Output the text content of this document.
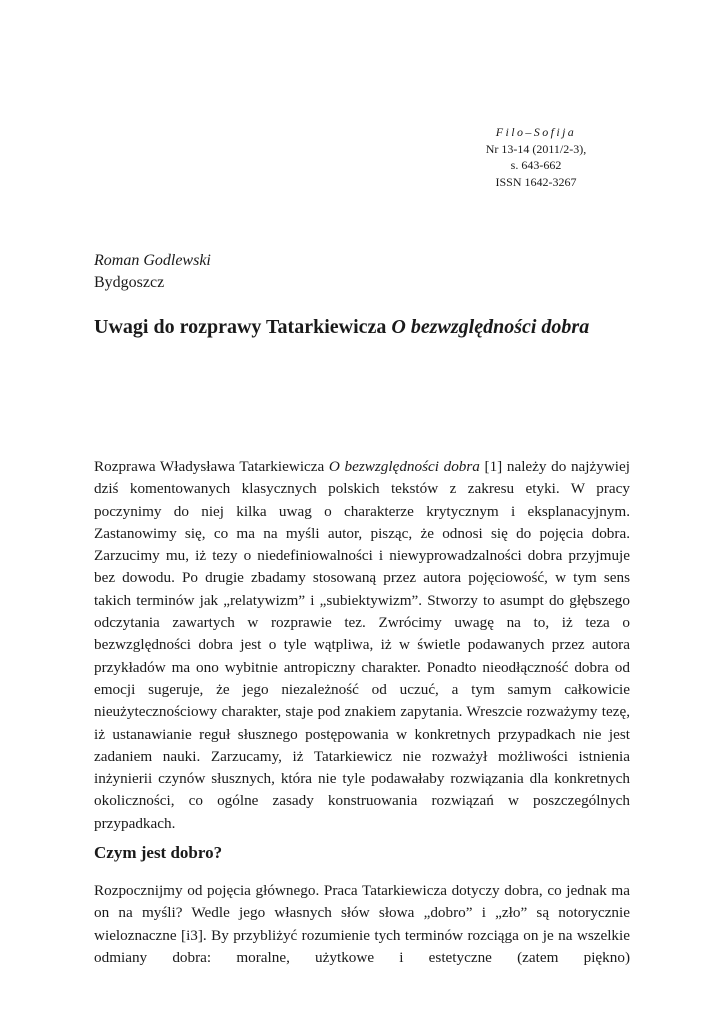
Filo–Sofija
Nr 13-14 (2011/2-3),
s. 643-662
ISSN 1642-3267
Roman Godlewski
Bydgoszcz
Uwagi do rozprawy Tatarkiewicza O bezwzględności dobra

Rozprawa Władysława Tatarkiewicza O bezwzględności dobra [1] należy do najżywiej dziś komentowanych klasycznych polskich tekstów z zakresu etyki. W pracy poczynimy do niej kilka uwag o charakterze krytycznym i eksplanacyjnym. Zastanowimy się, co ma na myśli autor, pisząc, że odnosi się do pojęcia dobra. Zarzucimy mu, iż tezy o niedefiniowalności i niewyprowadzalności dobra przyjmuje bez dowodu. Po drugie zbadamy stosowaną przez autora pojęciowość, w tym sens takich terminów jak „relatywizm” i „subiektywizm”. Stworzy to asumpt do głębszego odczytania zawartych w rozprawie tez. Zwrócimy uwagę na to, iż teza o bezwzględności dobra jest o tyle wątpliwa, iż w świetle podawanych przez autora przykładów ma ono wybitnie antropiczny charakter. Ponadto nieodłączność dobra od emocji sugeruje, że jego niezależność od uczuć, a tym samym całkowicie nieużytecznościowy charakter, staje pod znakiem zapytania. Wreszcie rozważymy tezę, iż ustanawianie reguł słusznego postępowania w konkretnych przypadkach nie jest zadaniem nauki. Zarzucamy, iż Tatarkiewicz nie rozważył możliwości istnienia inżynierii czynów słusznych, która nie tyle podawałaby rozwiązania dla konkretnych okoliczności, co ogólne zasady konstruowania rozwiązań w poszczególnych przypadkach.

Czym jest dobro?

Rozpocznijmy od pojęcia głównego. Praca Tatarkiewicza dotyczy dobra, co jednak ma on na myśli? Wedle jego własnych słów słowa „dobro” i „zło” są notorycznie wieloznaczne [i3]. By przybliżyć rozumienie tych terminów rozciąga on je na wszelkie odmiany dobra: moralne, użytkowe i estetyczne (zatem piękno)
